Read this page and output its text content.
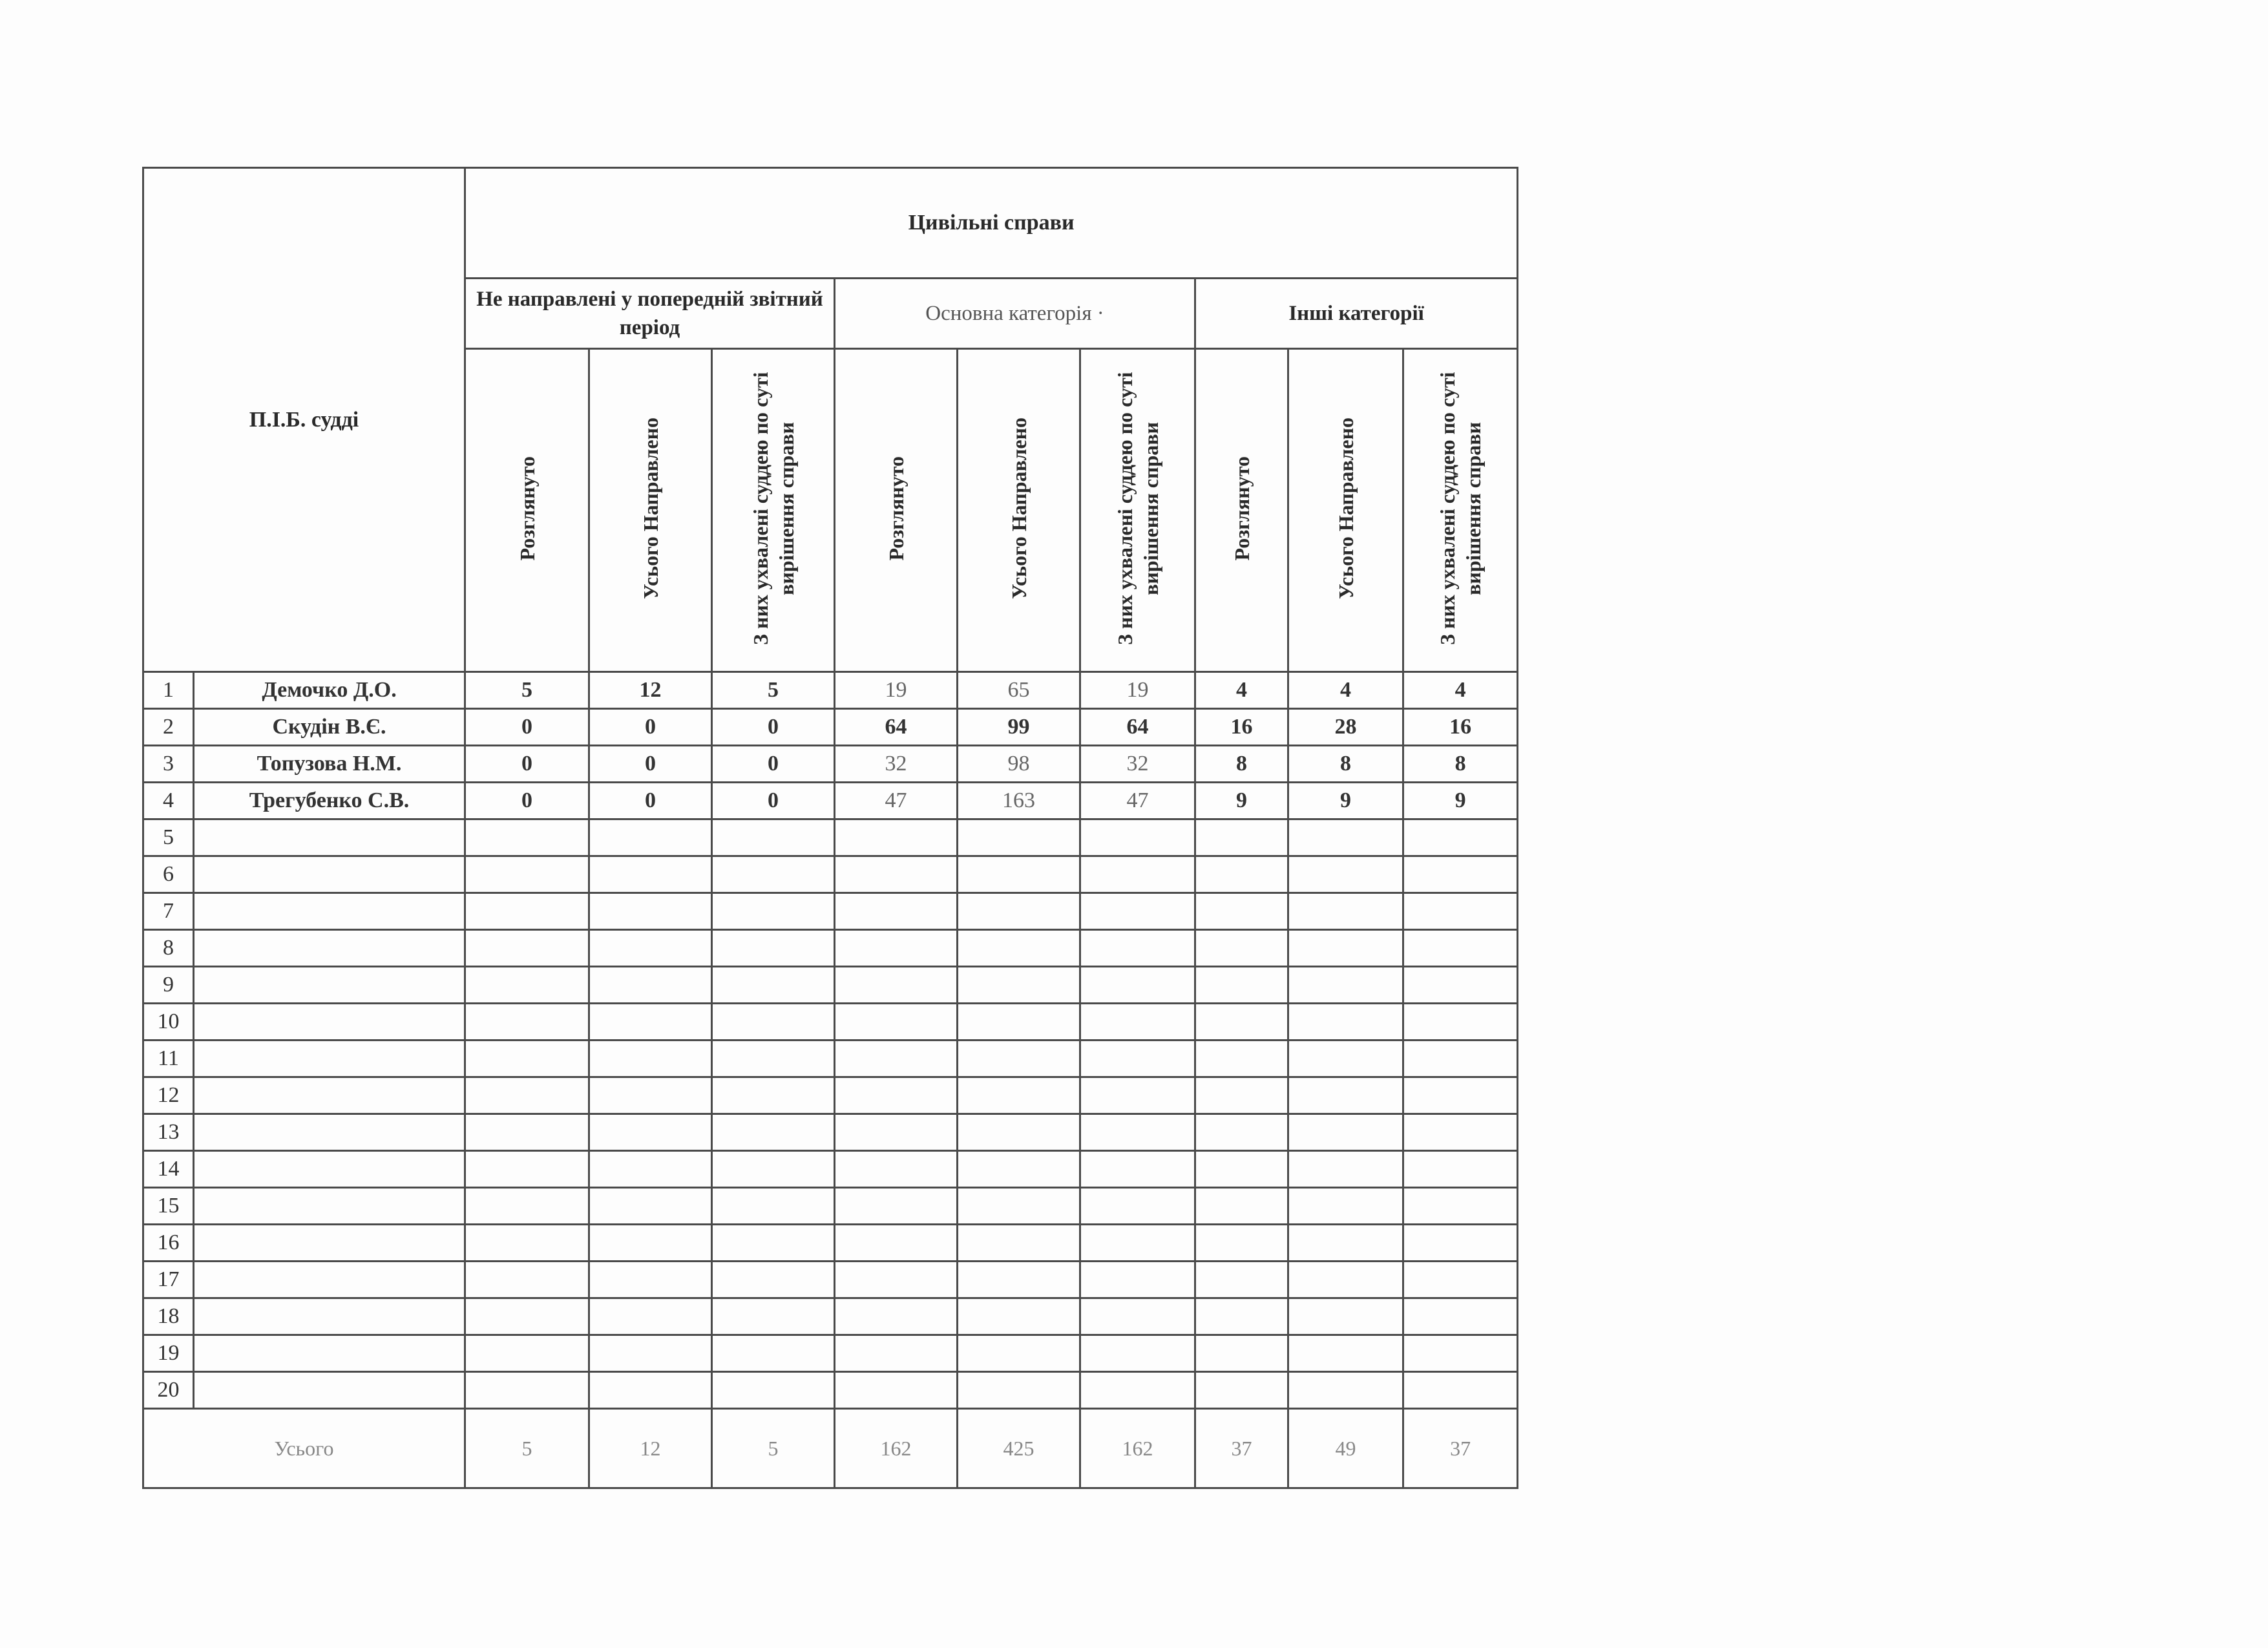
П.І.Б. судді		Цивільні справи								
		Не направлені у попередній звітний період			Основна категорія ·			Інші категорії		
		Розглянуто	Усього Направлено	З них ухвалені суддею по суті вирішення справи	Розглянуто	Усього Направлено	З них ухвалені суддею по суті вирішення справи	Розглянуто	Усього Направлено	З них ухвалені суддею по суті вирішення справи
1	Демочко Д.О.	5	12	5	19	65	19	4	4	4
2	Скудін В.Є.	0	0	0	64	99	64	16	28	16
3	Топузова Н.М.	0	0	0	32	98	32	8	8	8
4	Трегубенко С.В.	0	0	0	47	163	47	9	9	9
5										
6										
7										
8										
9										
10										
11										
12										
13										
14										
15										
16										
17										
18										
19										
20										
Усього		5	12	5	162	425	162	37	49	37
